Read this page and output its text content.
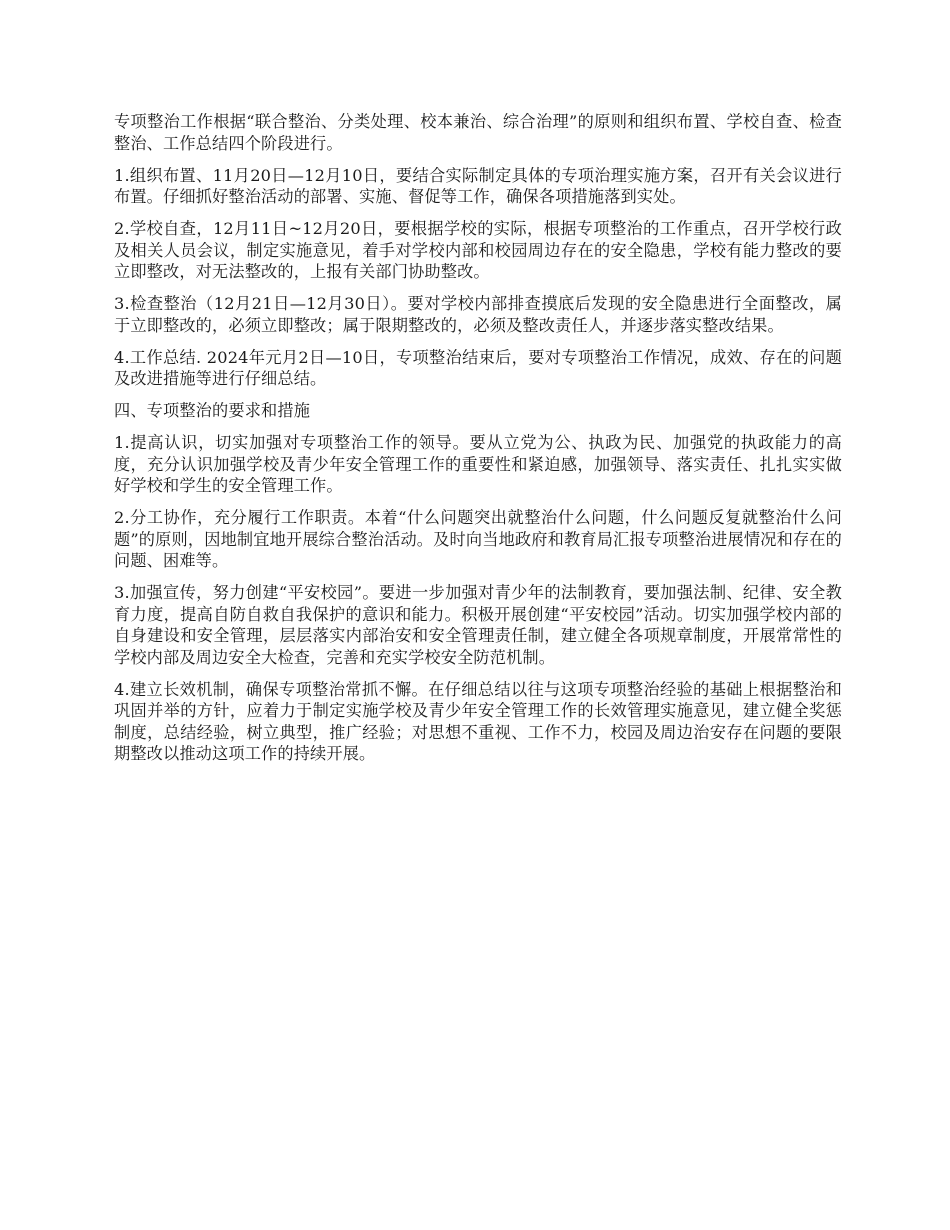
专项整治工作根据“联合整治、分类处理、校本兼治、综合治理”的原则和组织布置、学校自查、检查整治、工作总结四个阶段进行。

1.组织布置、11月20日—12月10日，要结合实际制定具体的专项治理实施方案，召开有关会议进行布置。仔细抓好整治活动的部署、实施、督促等工作，确保各项措施落到实处。

2.学校自查，12月11日~12月20日，要根据学校的实际，根据专项整治的工作重点，召开学校行政及相关人员会议，制定实施意见，着手对学校内部和校园周边存在的安全隐患，学校有能力整改的要立即整改，对无法整改的，上报有关部门协助整改。

3.检查整治（12月21日—12月30日）。要对学校内部排查摸底后发现的安全隐患进行全面整改，属于立即整改的，必须立即整改；属于限期整改的，必须及整改责任人，并逐步落实整改结果。

4.工作总结. 2024年元月2日—10日，专项整治结束后，要对专项整治工作情况，成效、存在的问题及改进措施等进行仔细总结。

四、专项整治的要求和措施

1.提高认识，切实加强对专项整治工作的领导。要从立党为公、执政为民、加强党的执政能力的高度，充分认识加强学校及青少年安全管理工作的重要性和紧迫感，加强领导、落实责任、扎扎实实做好学校和学生的安全管理工作。

2.分工协作，充分履行工作职责。本着“什么问题突出就整治什么问题，什么问题反复就整治什么问题”的原则，因地制宜地开展综合整治活动。及时向当地政府和教育局汇报专项整治进展情况和存在的问题、困难等。

3.加强宣传，努力创建“平安校园”。要进一步加强对青少年的法制教育，要加强法制、纪律、安全教育力度，提高自防自救自我保护的意识和能力。积极开展创建“平安校园”活动。切实加强学校内部的自身建设和安全管理，层层落实内部治安和安全管理责任制，建立健全各项规章制度，开展常常性的学校内部及周边安全大检查，完善和充实学校安全防范机制。

4.建立长效机制，确保专项整治常抓不懈。在仔细总结以往与这项专项整治经验的基础上根据整治和巩固并举的方针，应着力于制定实施学校及青少年安全管理工作的长效管理实施意见，建立健全奖惩制度，总结经验，树立典型，推广经验；对思想不重视、工作不力，校园及周边治安存在问题的要限期整改以推动这项工作的持续开展。
